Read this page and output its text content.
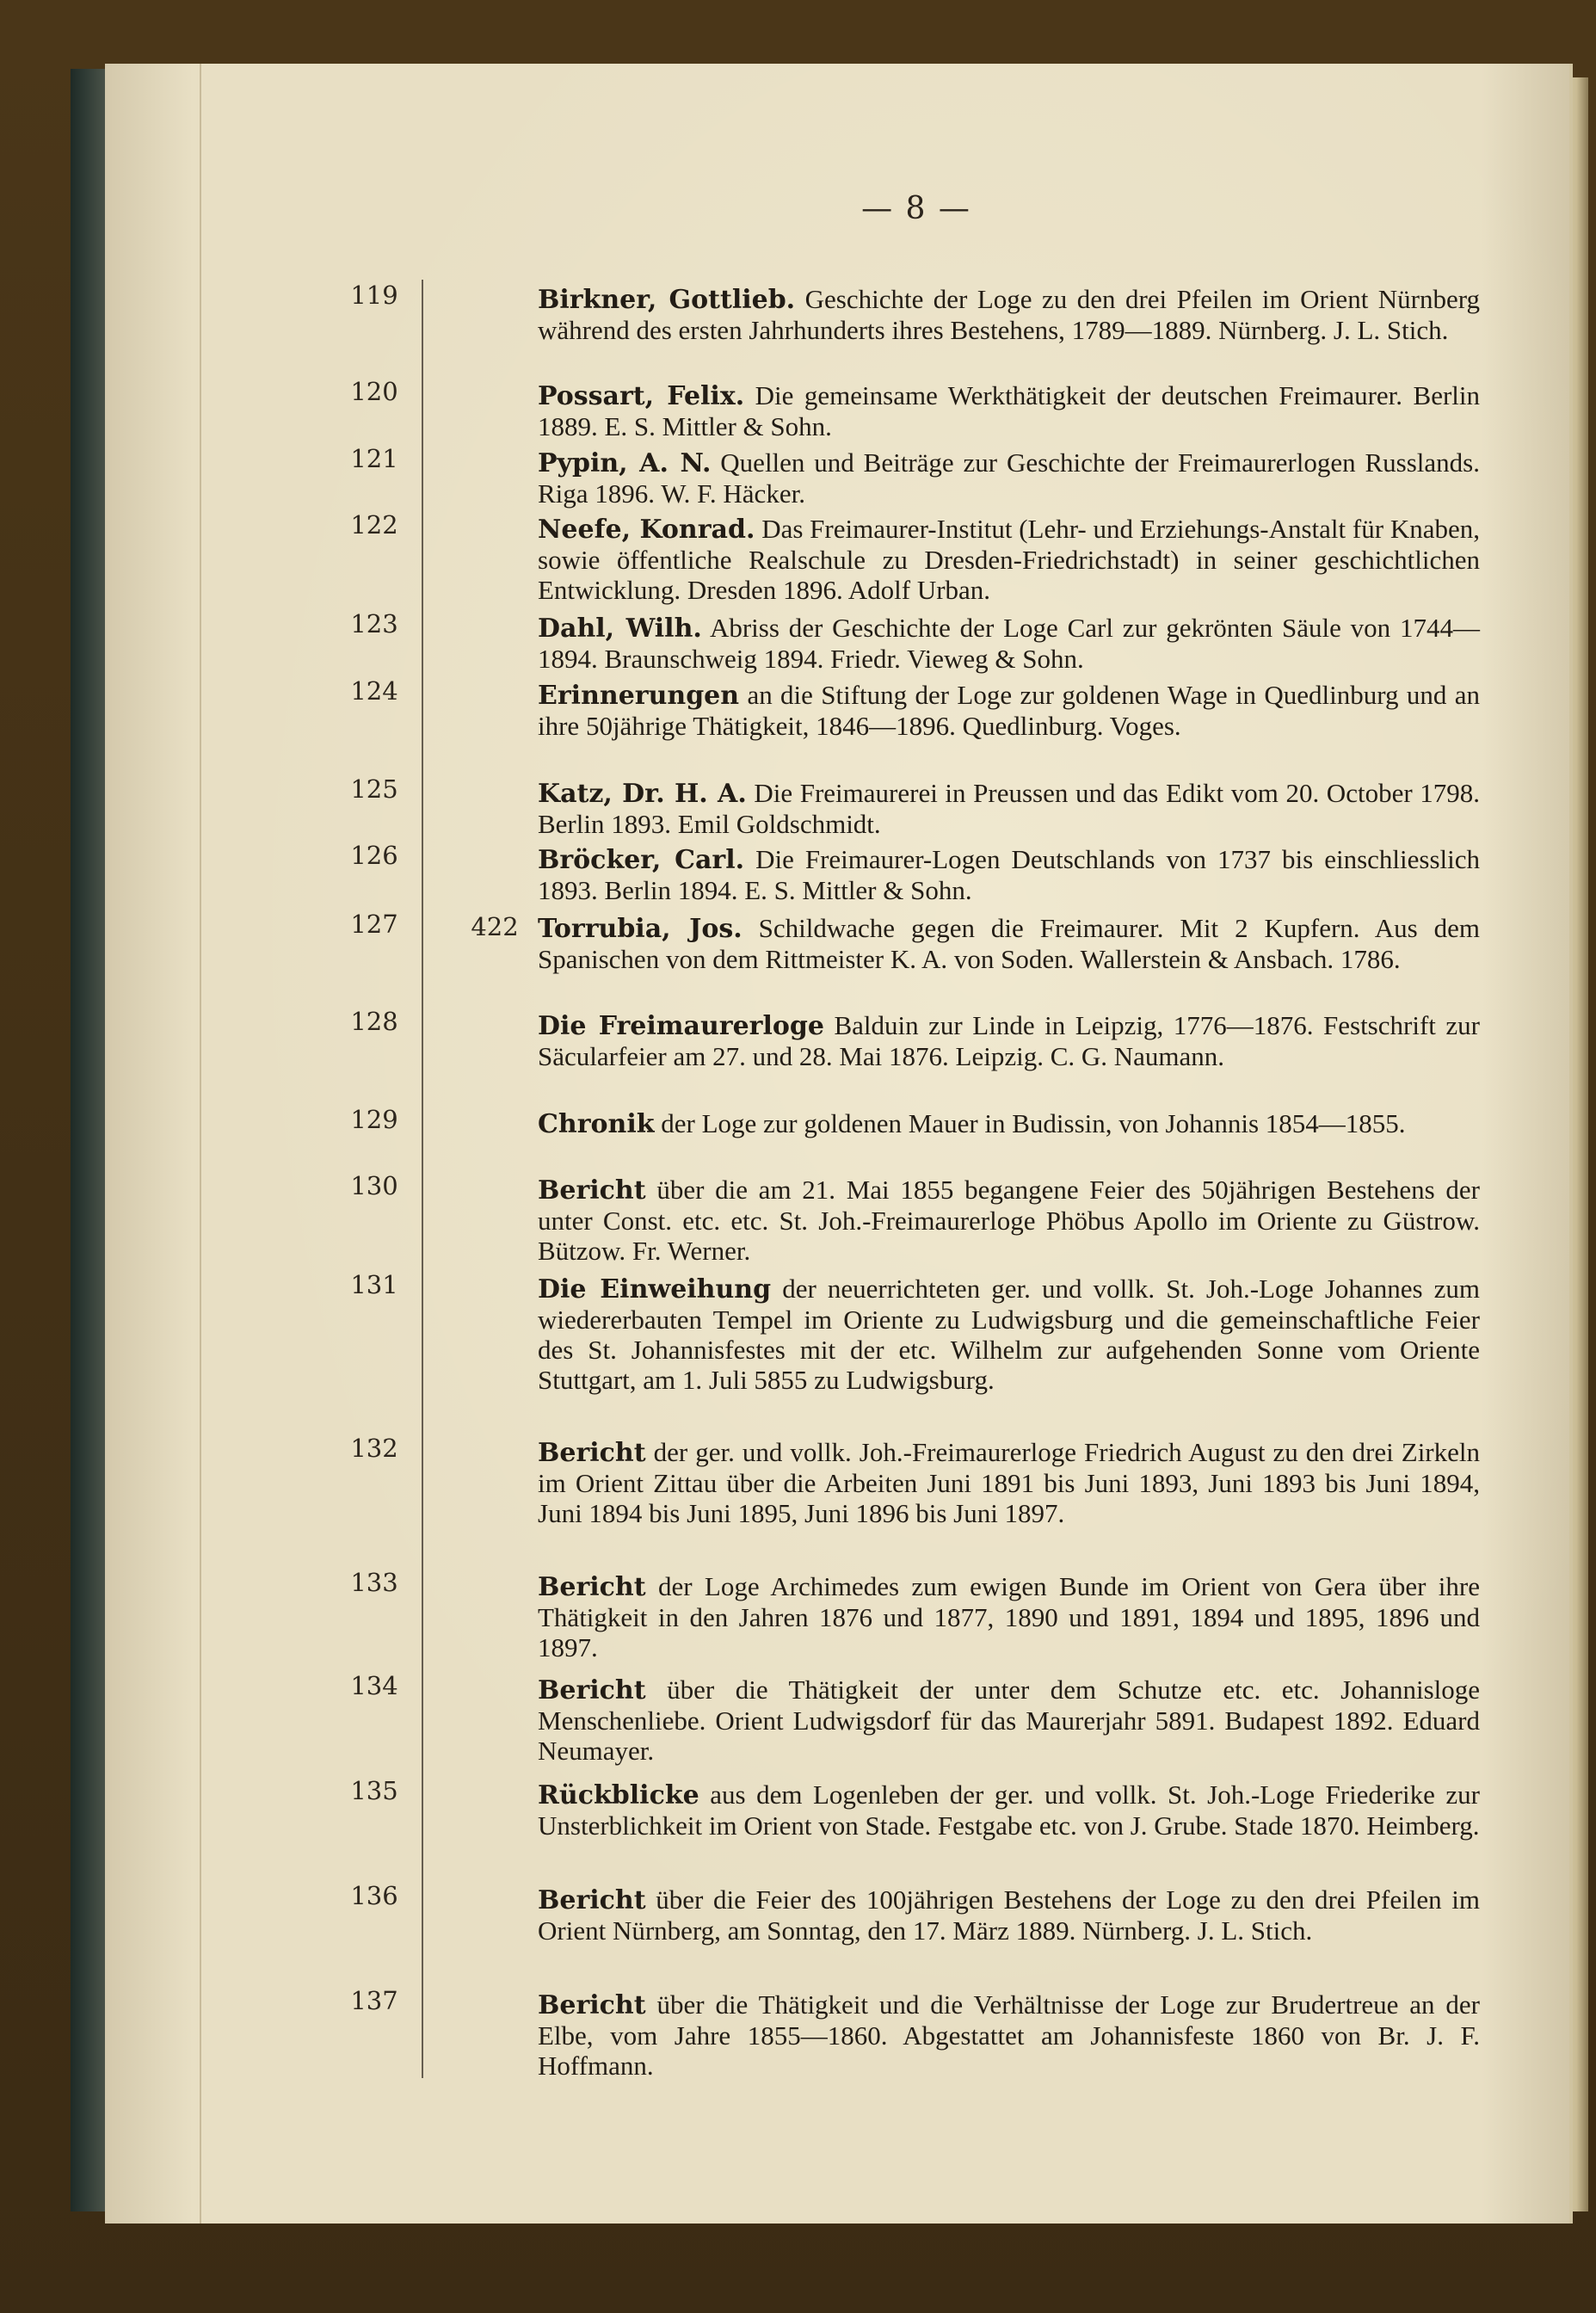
— 8 —
119	Birkner, Gottlieb. Geschichte der Loge zu den drei Pfeilen im Orient Nürnberg während des ersten Jahrhunderts ihres Bestehens, 1789—1889. Nürnberg. J. L. Stich.
120	Possart, Felix. Die gemeinsame Werkthätigkeit der deutschen Freimaurer. Berlin 1889. E. S. Mittler & Sohn.
121	Pypin, A. N. Quellen und Beiträge zur Geschichte der Freimaurerlogen Russlands. Riga 1896. W. F. Häcker.
122	Neefe, Konrad. Das Freimaurer-Institut (Lehr- und Erziehungs-Anstalt für Knaben, sowie öffentliche Realschule zu Dresden-Friedrichstadt) in seiner geschichtlichen Entwicklung. Dresden 1896. Adolf Urban.
123	Dahl, Wilh. Abriss der Geschichte der Loge Carl zur gekrönten Säule von 1744—1894. Braunschweig 1894. Friedr. Vieweg & Sohn.
124	Erinnerungen an die Stiftung der Loge zur goldenen Wage in Quedlinburg und an ihre 50jährige Thätigkeit, 1846—1896. Quedlinburg. Voges.
125	Katz, Dr. H. A. Die Freimaurerei in Preussen und das Edikt vom 20. October 1798. Berlin 1893. Emil Goldschmidt.
126	Bröcker, Carl. Die Freimaurer-Logen Deutschlands von 1737 bis einschliesslich 1893. Berlin 1894. E. S. Mittler & Sohn.
127	422 Torrubia, Jos. Schildwache gegen die Freimaurer. Mit 2 Kupfern. Aus dem Spanischen von dem Rittmeister K. A. von Soden. Wallerstein & Ansbach. 1786.
128	Die Freimaurerloge Balduin zur Linde in Leipzig, 1776—1876. Festschrift zur Säcularfeier am 27. und 28. Mai 1876. Leipzig. C. G. Naumann.
129	Chronik der Loge zur goldenen Mauer in Budissin, von Johannis 1854—1855.
130	Bericht über die am 21. Mai 1855 begangene Feier des 50jährigen Bestehens der unter Const. etc. etc. St. Joh.-Freimaurerloge Phöbus Apollo im Oriente zu Güstrow. Bützow. Fr. Werner.
131	Die Einweihung der neuerrichteten ger. und vollk. St. Joh.-Loge Johannes zum wiedererbauten Tempel im Oriente zu Ludwigsburg und die gemeinschaftliche Feier des St. Johannisfestes mit der etc. Wilhelm zur aufgehenden Sonne vom Oriente Stuttgart, am 1. Juli 5855 zu Ludwigsburg.
132	Bericht der ger. und vollk. Joh.-Freimaurerloge Friedrich August zu den drei Zirkeln im Orient Zittau über die Arbeiten Juni 1891 bis Juni 1893, Juni 1893 bis Juni 1894, Juni 1894 bis Juni 1895, Juni 1896 bis Juni 1897.
133	Bericht der Loge Archimedes zum ewigen Bunde im Orient von Gera über ihre Thätigkeit in den Jahren 1876 und 1877, 1890 und 1891, 1894 und 1895, 1896 und 1897.
134	Bericht über die Thätigkeit der unter dem Schutze etc. etc. Johannisloge Menschenliebe. Orient Ludwigsdorf für das Maurerjahr 5891. Budapest 1892. Eduard Neumayer.
135	Rückblicke aus dem Logenleben der ger. und vollk. St. Joh.-Loge Friederike zur Unsterblichkeit im Orient von Stade. Festgabe etc. von J. Grube. Stade 1870. Heimberg.
136	Bericht über die Feier des 100jährigen Bestehens der Loge zu den drei Pfeilen im Orient Nürnberg, am Sonntag, den 17. März 1889. Nürnberg. J. L. Stich.
137	Bericht über die Thätigkeit und die Verhältnisse der Loge zur Brudertreue an der Elbe, vom Jahre 1855—1860. Abgestattet am Johannisfeste 1860 von Br. J. F. Hoffmann.
